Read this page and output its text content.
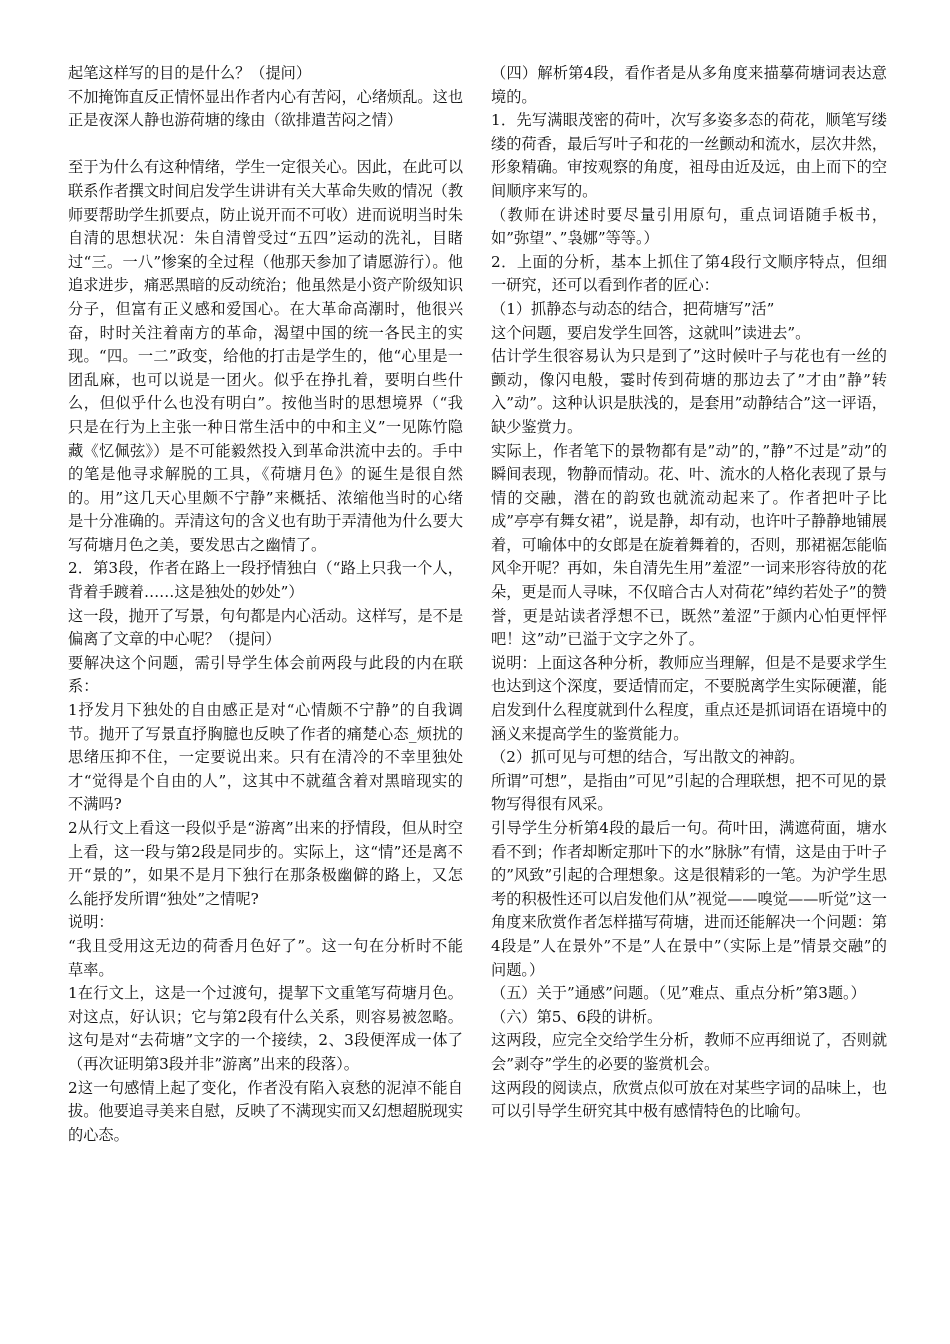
起笔这样写的目的是什么？（提问）

不加掩饰直反正情怀显出作者内心有苦闷，心绪烦乱。这也正是夜深人静也游荷塘的缘由（欲排遣苦闷之情）

至于为什么有这种情绪，学生一定很关心。因此，在此可以联系作者撰文时间启发学生讲讲有关大革命失败的情况（教师要帮助学生抓要点，防止说开而不可收）进而说明当时朱自清的思想状况：朱自清曾受过“五四”运动的洗礼，目睹过“三。一八”惨案的全过程（他那天参加了请愿游行）。他追求进步，痛恶黑暗的反动统治；他虽然是小资产阶级知识分子，但富有正义感和爱国心。在大革命高潮时，他很兴奋，时时关注着南方的革命，渴望中国的统一各民主的实现。“四。一二”政变，给他的打击是学生的，他“心里是一团乱麻，也可以说是一团火。似乎在挣扎着，要明白些什么，但似乎什么也没有明白”。按他当时的思想境界（“我只是在行为上主张一种日常生活中的中和主义”一见陈竹隐藏《忆佩弦》）是不可能毅然投入到革命洪流中去的。手中的笔是他寻求解脱的工具，《荷塘月色》的诞生是很自然的。用”这几天心里颇不宁静”来概括、浓缩他当时的心绪是十分准确的。弄清这句的含义也有助于弄清他为什么要大写荷塘月色之美，要发思古之幽情了。

2．第3段，作者在路上一段抒情独白（“路上只我一个人，背着手踱着……这是独处的妙处”）

这一段，抛开了写景，句句都是内心活动。这样写，是不是偏离了文章的中心呢？（提问）

要解决这个问题，需引导学生体会前两段与此段的内在联系：

1抒发月下独处的自由感正是对“心情颇不宁静”的自我调节。抛开了写景直抒胸臆也反映了作者的痛楚心态_烦扰的思绪压抑不住，一定要说出来。只有在清冷的不幸里独处才“觉得是个自由的人”，这其中不就蕴含着对黑暗现实的不满吗?

2从行文上看这一段似乎是“游离”出来的抒情段，但从时空上看，这一段与第2段是同步的。实际上，这“情”还是离不开“景的”，如果不是月下独行在那条极幽僻的路上，又怎么能抒发所谓“独处”之情呢?

说明：

“我且受用这无边的荷香月色好了”。这一句在分析时不能草率。

1在行文上，这是一个过渡句，提挈下文重笔写荷塘月色。对这点，好认识；它与第2段有什么关系，则容易被忽略。这句是对“去荷塘”文字的一个接续，2、3段便浑成一体了（再次证明第3段并非”游离”出来的段落）。

2这一句感情上起了变化，作者没有陷入哀愁的泥淖不能自拔。他要追寻美来自慰，反映了不满现实而又幻想超脱现实的心态。

（四）解析第4段，看作者是从多角度来描摹荷塘词表达意境的。

1．先写满眼茂密的荷叶，次写多姿多态的荷花，顺笔写缕缕的荷香，最后写叶子和花的一丝颤动和流水，层次井然，形象精确。审按观察的角度，祖母由近及远，由上而下的空间顺序来写的。

（教师在讲述时要尽量引用原句，重点词语随手板书，如”弥望”、”袅娜”等等。）

2．上面的分析，基本上抓住了第4段行文顺序特点，但细一研究，还可以看到作者的匠心：

（1）抓静态与动态的结合，把荷塘写”活”

这个问题，要启发学生回答，这就叫”读进去”。

估计学生很容易认为只是到了”这时候叶子与花也有一丝的颤动，像闪电般，霎时传到荷塘的那边去了”才由”静”转入”动”。这种认识是肤浅的，是套用”动静结合”这一评语，缺少鉴赏力。

实际上，作者笔下的景物都有是”动”的，”静”不过是”动”的瞬间表现，物静而情动。花、叶、流水的人格化表现了景与情的交融，潜在的韵致也就流动起来了。作者把叶子比成”亭亭有舞女裙”，说是静，却有动，也许叶子静静地铺展着，可喻体中的女郎是在旋着舞着的，否则，那裙裾怎能临风伞开呢？再如，朱自清先生用”羞涩”一词来形容待放的花朵，更是而人寻味，不仅暗合古人对荷花”绰约若处子”的赞誉，更是站读者浮想不已，既然”羞涩”于颜内心怕更怦怦吧！这”动”已溢于文字之外了。

说明：上面这各种分析，教师应当理解，但是不是要求学生也达到这个深度，要适情而定，不要脱离学生实际硬灌，能启发到什么程度就到什么程度，重点还是抓词语在语境中的涵义来提高学生的鉴赏能力。

（2）抓可见与可想的结合，写出散文的神韵。

所谓”可想”，是指由”可见”引起的合理联想，把不可见的景物写得很有风采。

引导学生分析第4段的最后一句。荷叶田，满遮荷面，塘水看不到；作者却断定那叶下的水”脉脉”有情，这是由于叶子的”风致”引起的合理想象。这是很精彩的一笔。为沪学生思考的积极性还可以启发他们从”视觉——嗅觉——听觉”这一角度来欣赏作者怎样描写荷塘，进而还能解决一个问题：第4段是”人在景外”不是”人在景中”（实际上是”情景交融”的问题。）

（五）关于”通感”问题。（见”难点、重点分析”第3题。）

（六）第5、6段的讲析。

这两段，应完全交给学生分析，教师不应再细说了，否则就会”剥夺”学生的必要的鉴赏机会。

这两段的阅读点，欣赏点似可放在对某些字词的品味上，也可以引导学生研究其中极有感情特色的比喻句。
